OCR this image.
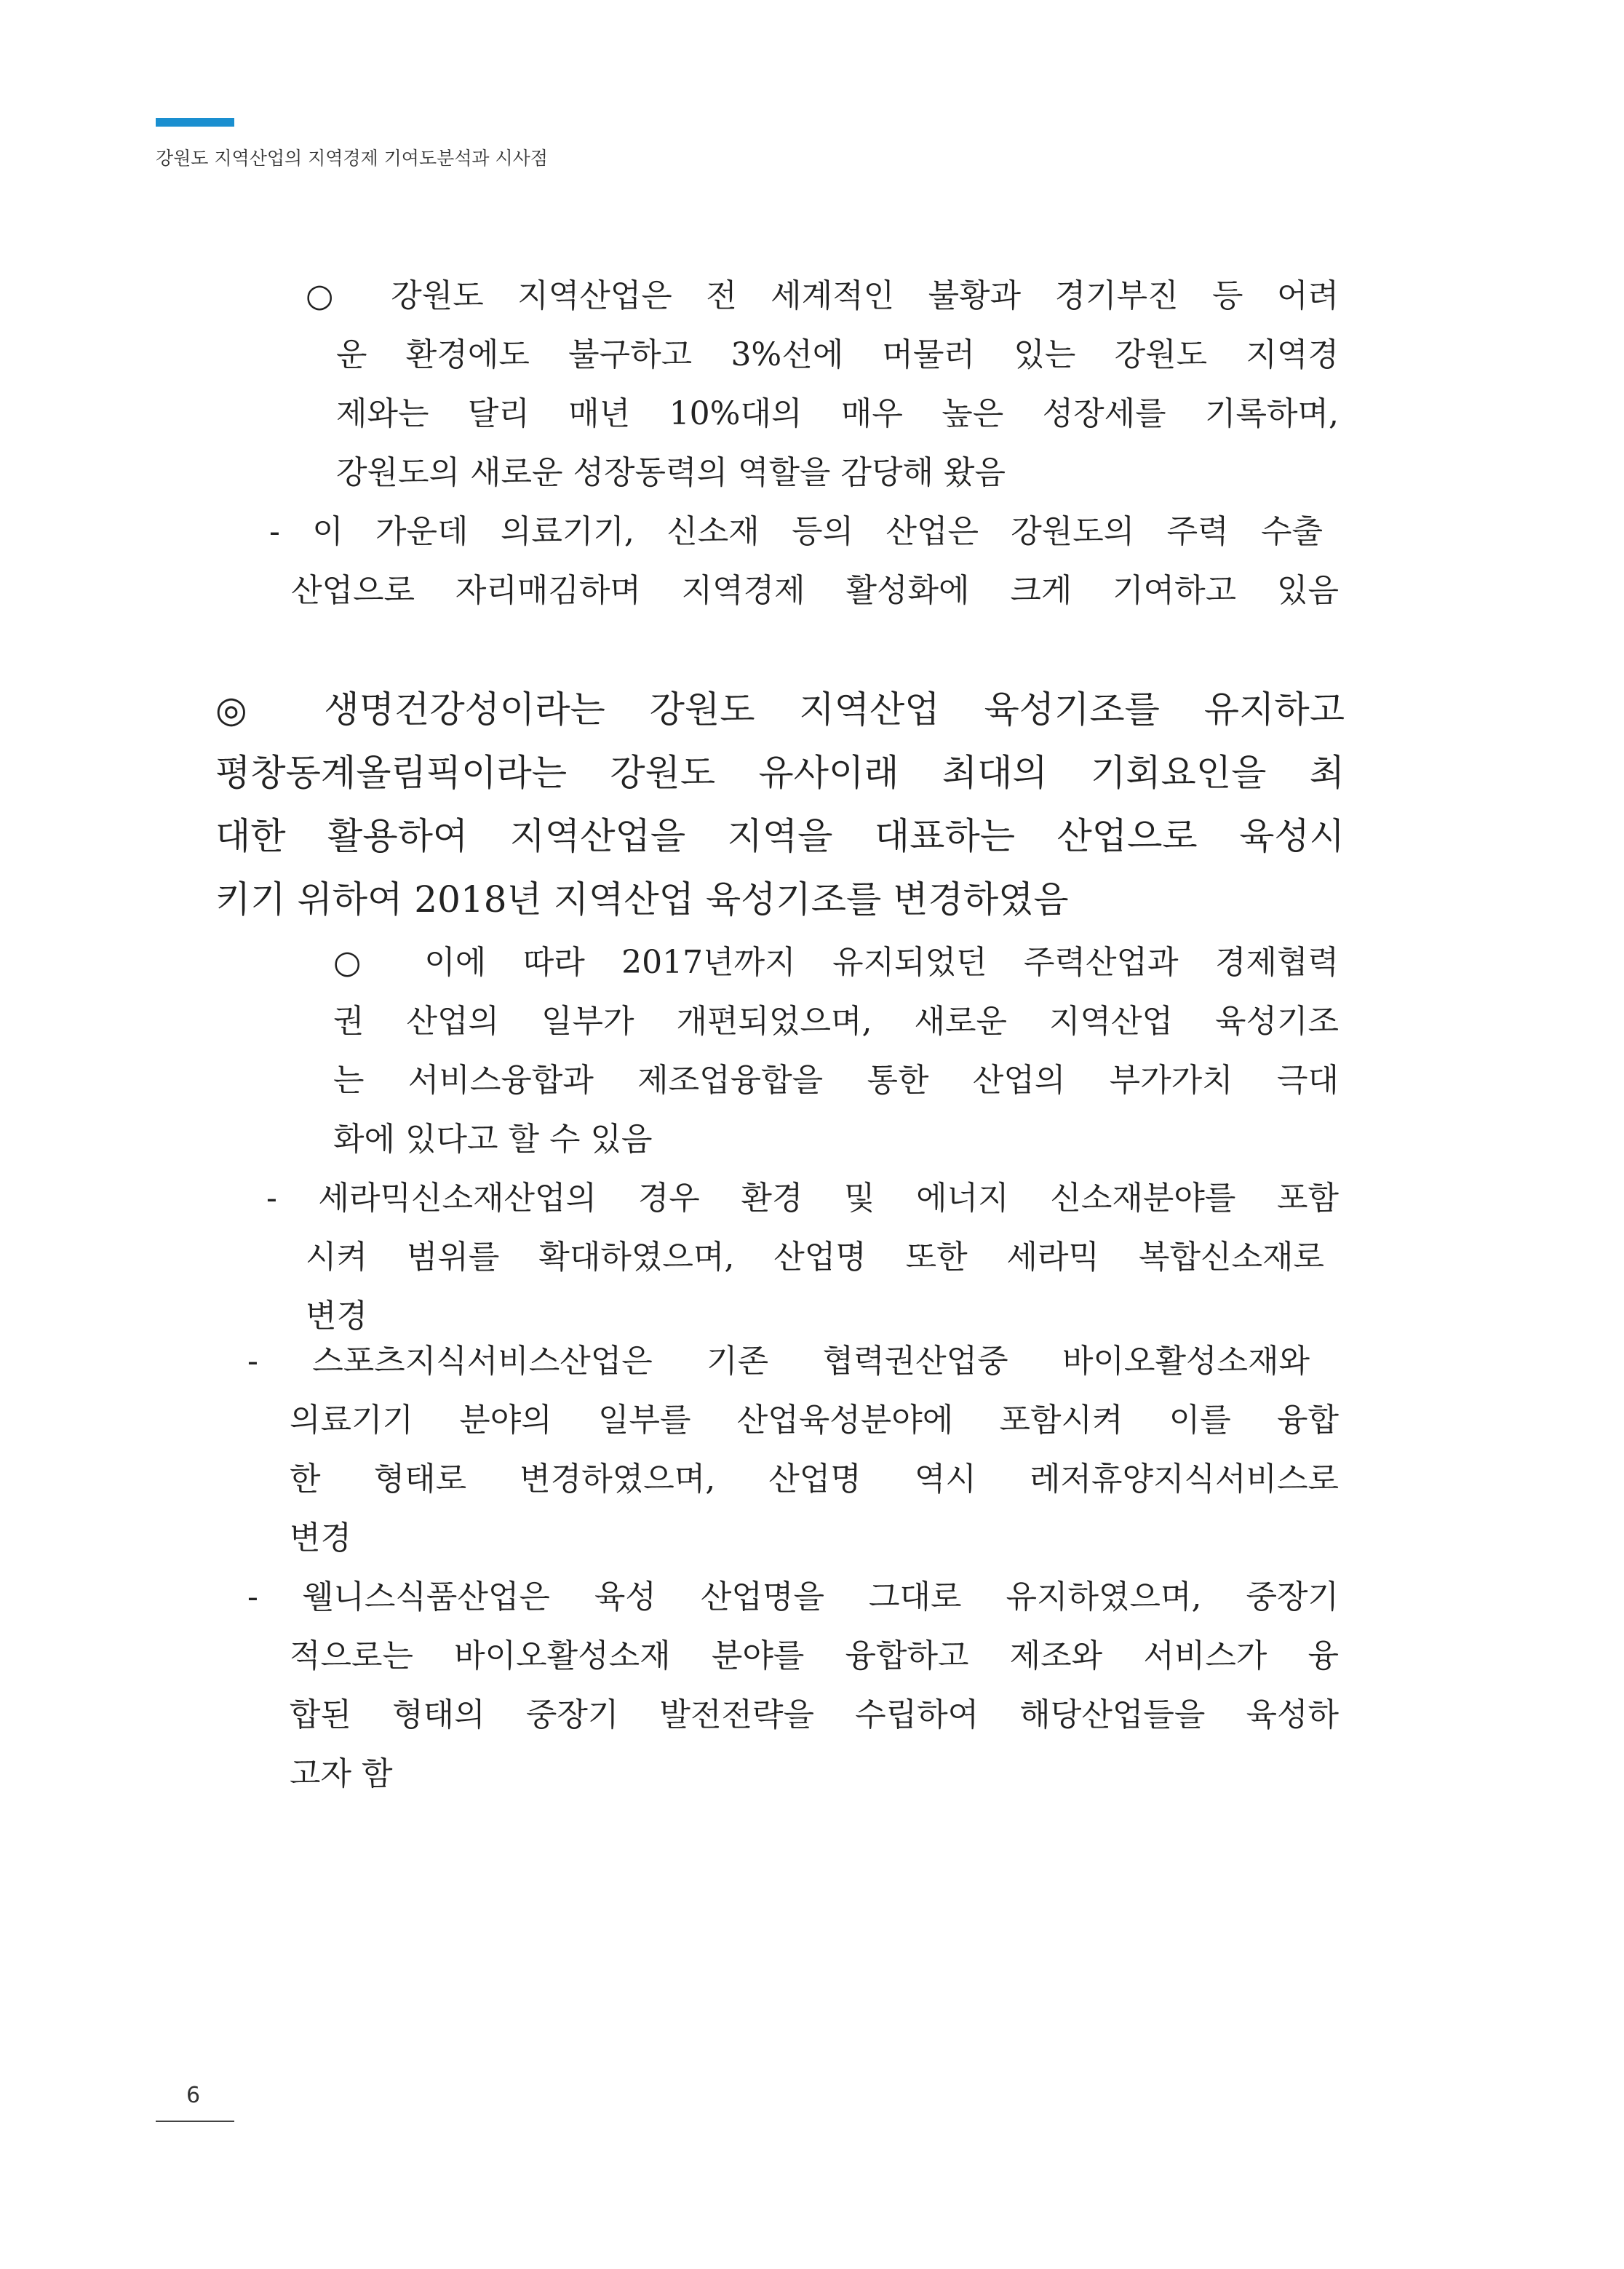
강원도 지역산업의 지역경제 기여도분석과 시사점
○ 강원도 지역산업은 전 세계적인 불황과 경기부진 등 어려
운 환경에도 불구하고 3%선에 머물러 있는 강원도 지역경
제와는 달리 매년 10%대의 매우 높은 성장세를 기록하며,
강원도의 새로운 성장동력의 역할을 감당해 왔음
- 이 가운데 의료기기, 신소재 등의 산업은 강원도의 주력 수출
산업으로 자리매김하며 지역경제 활성화에 크게 기여하고 있음
◎ 생명건강성이라는 강원도 지역산업 육성기조를 유지하고
평창동계올림픽이라는 강원도 유사이래 최대의 기회요인을 최
대한 활용하여 지역산업을 지역을 대표하는 산업으로 육성시
키기 위하여 2018년 지역산업 육성기조를 변경하였음
○ 이에 따라 2017년까지 유지되었던 주력산업과 경제협력
권 산업의 일부가 개편되었으며, 새로운 지역산업 육성기조
는 서비스융합과 제조업융합을 통한 산업의 부가가치 극대
화에 있다고 할 수 있음
- 세라믹신소재산업의 경우 환경 및 에너지 신소재분야를 포함
시켜 범위를 확대하였으며, 산업명 또한 세라믹 복합신소재로
변경
- 스포츠지식서비스산업은 기존 협력권산업중 바이오활성소재와
의료기기 분야의 일부를 산업육성분야에 포함시켜 이를 융합
한 형태로 변경하였으며, 산업명 역시 레저휴양지식서비스로
변경
- 웰니스식품산업은 육성 산업명을 그대로 유지하였으며, 중장기
적으로는 바이오활성소재 분야를 융합하고 제조와 서비스가 융
합된 형태의 중장기 발전전략을 수립하여 해당산업들을 육성하
고자 함
6
